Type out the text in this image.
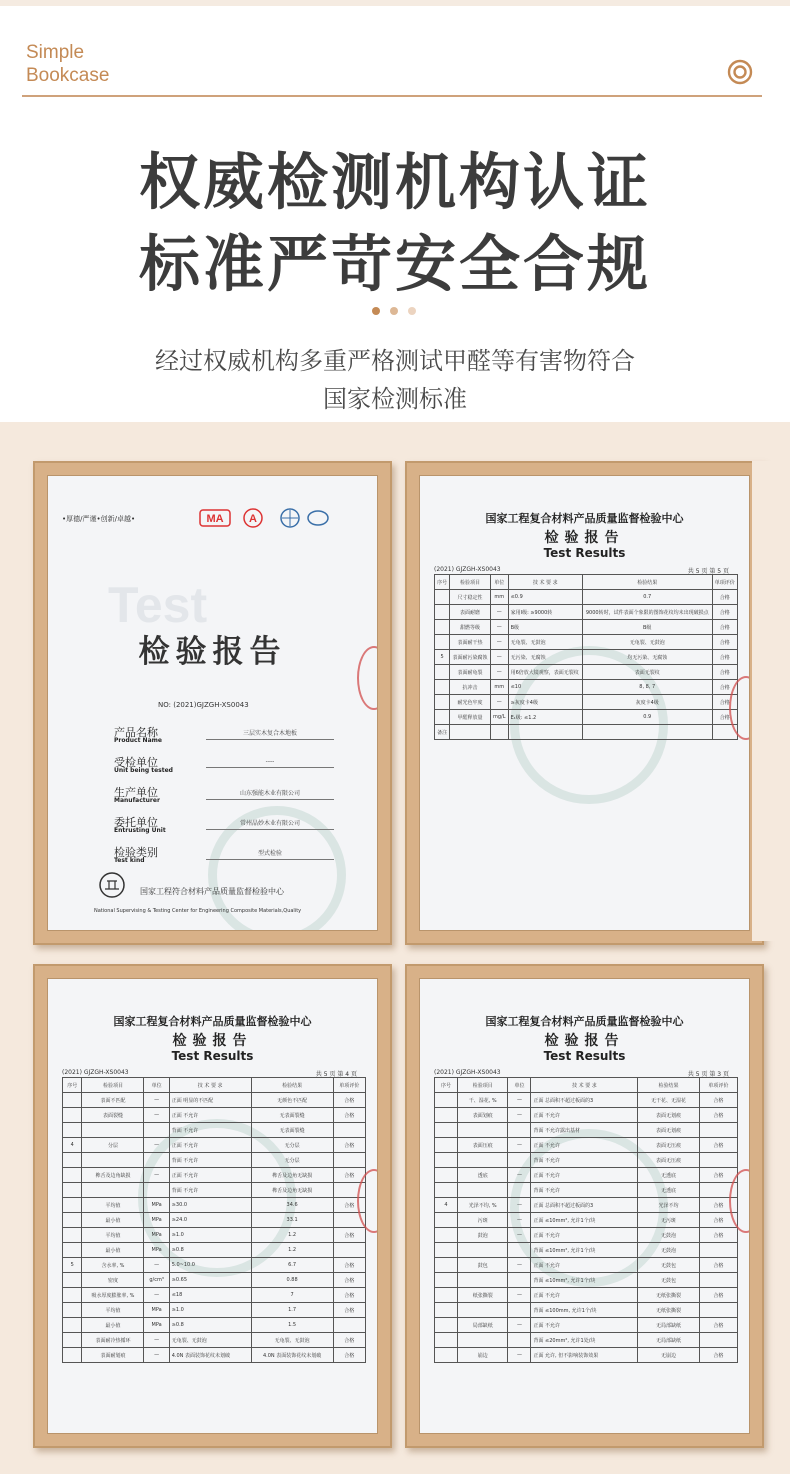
Simple
Bookcase
权威检测机构认证
标准严苛安全合规
经过权威机构多重严格测试甲醛等有害物符合
国家检测标准
Test
•厚德/严谨•创新/卓越•	MA A
检验报告
NO: (2021)GJZGH-XS0043
产品名称
Product Name
三层实木复合木地板
受检单位
Unit being tested
----
生产单位
Manufacturer
山东强能木业有限公司
委托单位
Entrusting Unit
常州晶妙木业有限公司
检验类别
Test kind
型式检验
国家工程符合材料产品质量监督检验中心
National Supervising & Testing Center for Engineering Composite Materials,Quality
国家工程复合材料产品质量监督检验中心
检验报告
Test Results
(2021) GJZGH-XS0043	共 5 页 第 5 页
序号	检验项目	单位	技 术 要 求	检验结果	单项评价
	尺寸稳定性	mm	≤0.9	0.7	合格
	表面耐磨	—	家用Ⅰ级: ≥9000转	9000转时，试件表面个象限的图饰花纹均未出现破损点	合格
	甜燃等级	—	B级	B级	合格
	表面耐干热	—	无龟裂、无鼓泡	无龟裂、无鼓泡	合格
5	表面耐污染腐蚀	—	无污染、无腐蚀	均无污染、无腐蚀	合格
	表面耐龟裂	—	用6倍放大镜观察，表面无裂纹	表面无裂纹	合格
	抗冲击	mm	≤10	8, 8, 7	合格
	耐光色牢度	—	≥灰度卡4级	灰度卡4级	合格
	甲醛释放量	mg/L	E₁级: ≤1.2	0.9	合格
备注					
国家工程复合材料产品质量监督检验中心
检验报告
Test Results
(2021) GJZGH-XS0043	共 5 页 第 4 页
序号	检验项目	单位	技 术 要 求	检验结果	单项评价
	表面不匹配	—	正面 明显的不匹配	无颜色不匹配	合格
	表面裂缝	—	正面 不允许	无表面裂缝	合格
			背面 不允许	无表面裂缝	
4	分层	—	正面 不允许	无分层	合格
			背面 不允许	无分层	
	榫舌及边角缺损	—	正面 不允许	榫舌及边角无缺损	合格
			背面 不允许	榫舌及边角无缺损	
	平均值	MPa	≥30.0	34.6	合格
	最小值	MPa	≥24.0	33.1	
	平均值	MPa	≥1.0	1.2	合格
	最小值	MPa	≥0.8	1.2	
5	含水率, %	—	5.0~10.0	6.7	合格
	密度	g/cm³	≥0.65	0.88	合格
	吸水厚度膨胀率, %	—	≤18	7	合格
	平均值	MPa	≥1.0	1.7	合格
	最小值	MPa	≥0.8	1.5	
	表面耐冷热循环	—	无龟裂、无鼓泡	无龟裂、无鼓泡	合格
	表面耐划痕	—	4.0N 表面装饰花纹未划破	4.0N 表面装饰花纹未划破	合格
国家工程复合材料产品质量监督检验中心
检验报告
Test Results
(2021) GJZGH-XS0043	共 5 页 第 3 页
序号	检验项目	单位	技 术 要 求	检验结果	单项评价
	干、湿花, %	—	正面 总面积不超过板面的3	无干花、无湿花	合格
	表面划痕	—	正面 不允许	表面无划痕	合格
			背面 不允许露出基材	表面无划痕	
	表面压痕	—	正面 不允许	表面无压痕	合格
			背面 不允许	表面无压痕	
	透底	—	正面 不允许	无透底	合格
			背面 不允许	无透底	
4	光泽不均, %	—	正面 总面积不超过板面的3	光泽不均	合格
	污斑	—	正面 ≤10mm², 允许1个/块	无污斑	合格
	鼓泡	—	正面 不允许	无鼓泡	合格
			背面 ≤10mm², 允许1个/块	无鼓泡	
	鼓包	—	正面 不允许	无鼓包	合格
			背面 ≤10mm², 允许1个/块	无鼓包	
	纸张撕裂	—	正面 不允许	无纸张撕裂	合格
			背面 ≤100mm, 允许1个/块	无纸张撕裂	
	局部缺纸	—	正面 不允许	无局部缺纸	合格
			背面 ≤20mm², 允许1处/块	无局部缺纸	
	崩边	—	正面 允许, 但不影响装饰效果	无崩边	合格
